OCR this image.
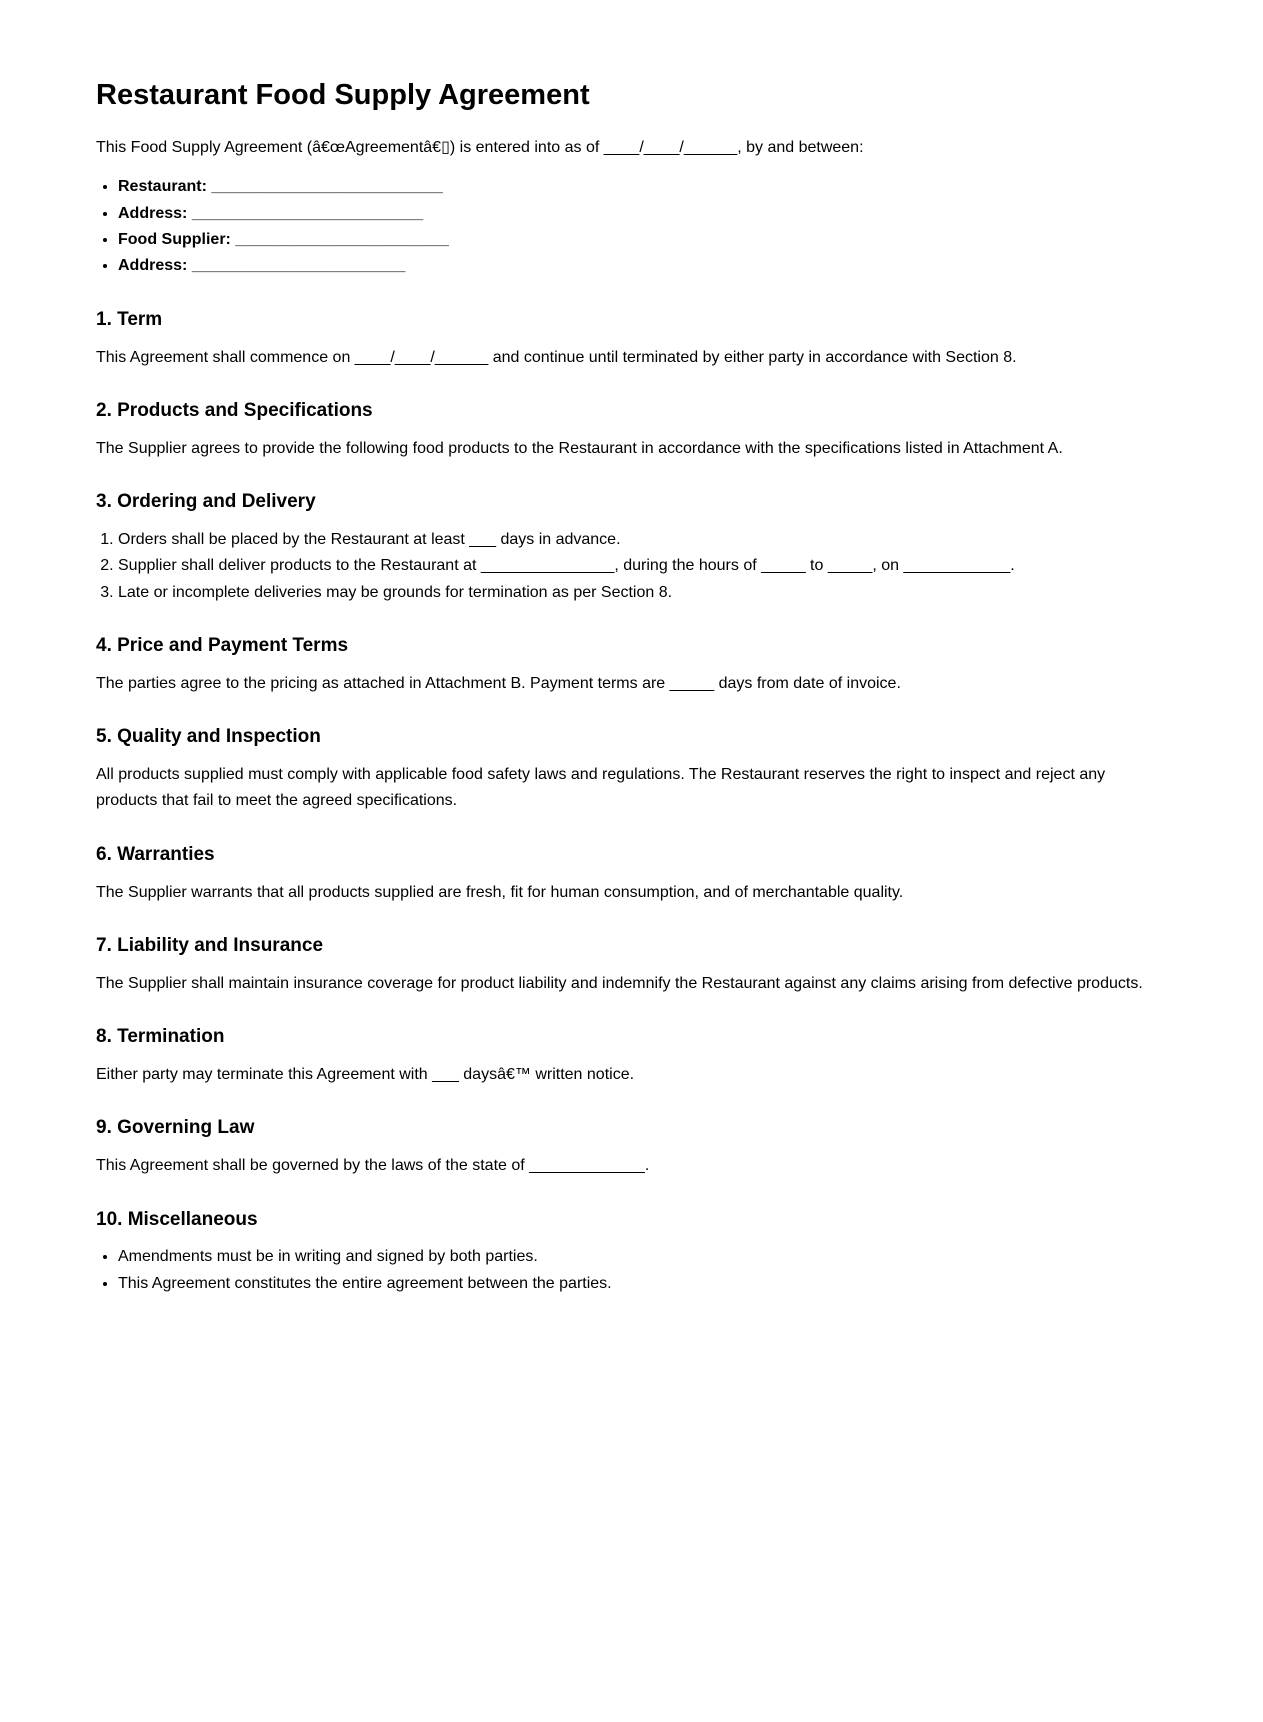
Restaurant Food Supply Agreement

This Food Supply Agreement (â€œAgreementâ€▯) is entered into as of ____/____/______, by and between:

• Restaurant: __________________________
• Address: __________________________
• Food Supplier: ________________________
• Address: ________________________
1. Term

This Agreement shall commence on ____/____/______ and continue until terminated by either party in accordance with Section 8.

2. Products and Specifications

The Supplier agrees to provide the following food products to the Restaurant in accordance with the specifications listed in Attachment A.

3. Ordering and Delivery
1. Orders shall be placed by the Restaurant at least ___ days in advance.
2. Supplier shall deliver products to the Restaurant at _______________, during the hours of _____ to _____, on ____________.
3. Late or incomplete deliveries may be grounds for termination as per Section 8.
4. Price and Payment Terms

The parties agree to the pricing as attached in Attachment B. Payment terms are _____ days from date of invoice.

5. Quality and Inspection

All products supplied must comply with applicable food safety laws and regulations. The Restaurant reserves the right to inspect and reject any products that fail to meet the agreed specifications.

6. Warranties

The Supplier warrants that all products supplied are fresh, fit for human consumption, and of merchantable quality.

7. Liability and Insurance

The Supplier shall maintain insurance coverage for product liability and indemnify the Restaurant against any claims arising from defective products.

8. Termination

Either party may terminate this Agreement with ___ daysâ€™ written notice.

9. Governing Law

This Agreement shall be governed by the laws of the state of _____________.

10. Miscellaneous
• Amendments must be in writing and signed by both parties.
• This Agreement constitutes the entire agreement between the parties.
